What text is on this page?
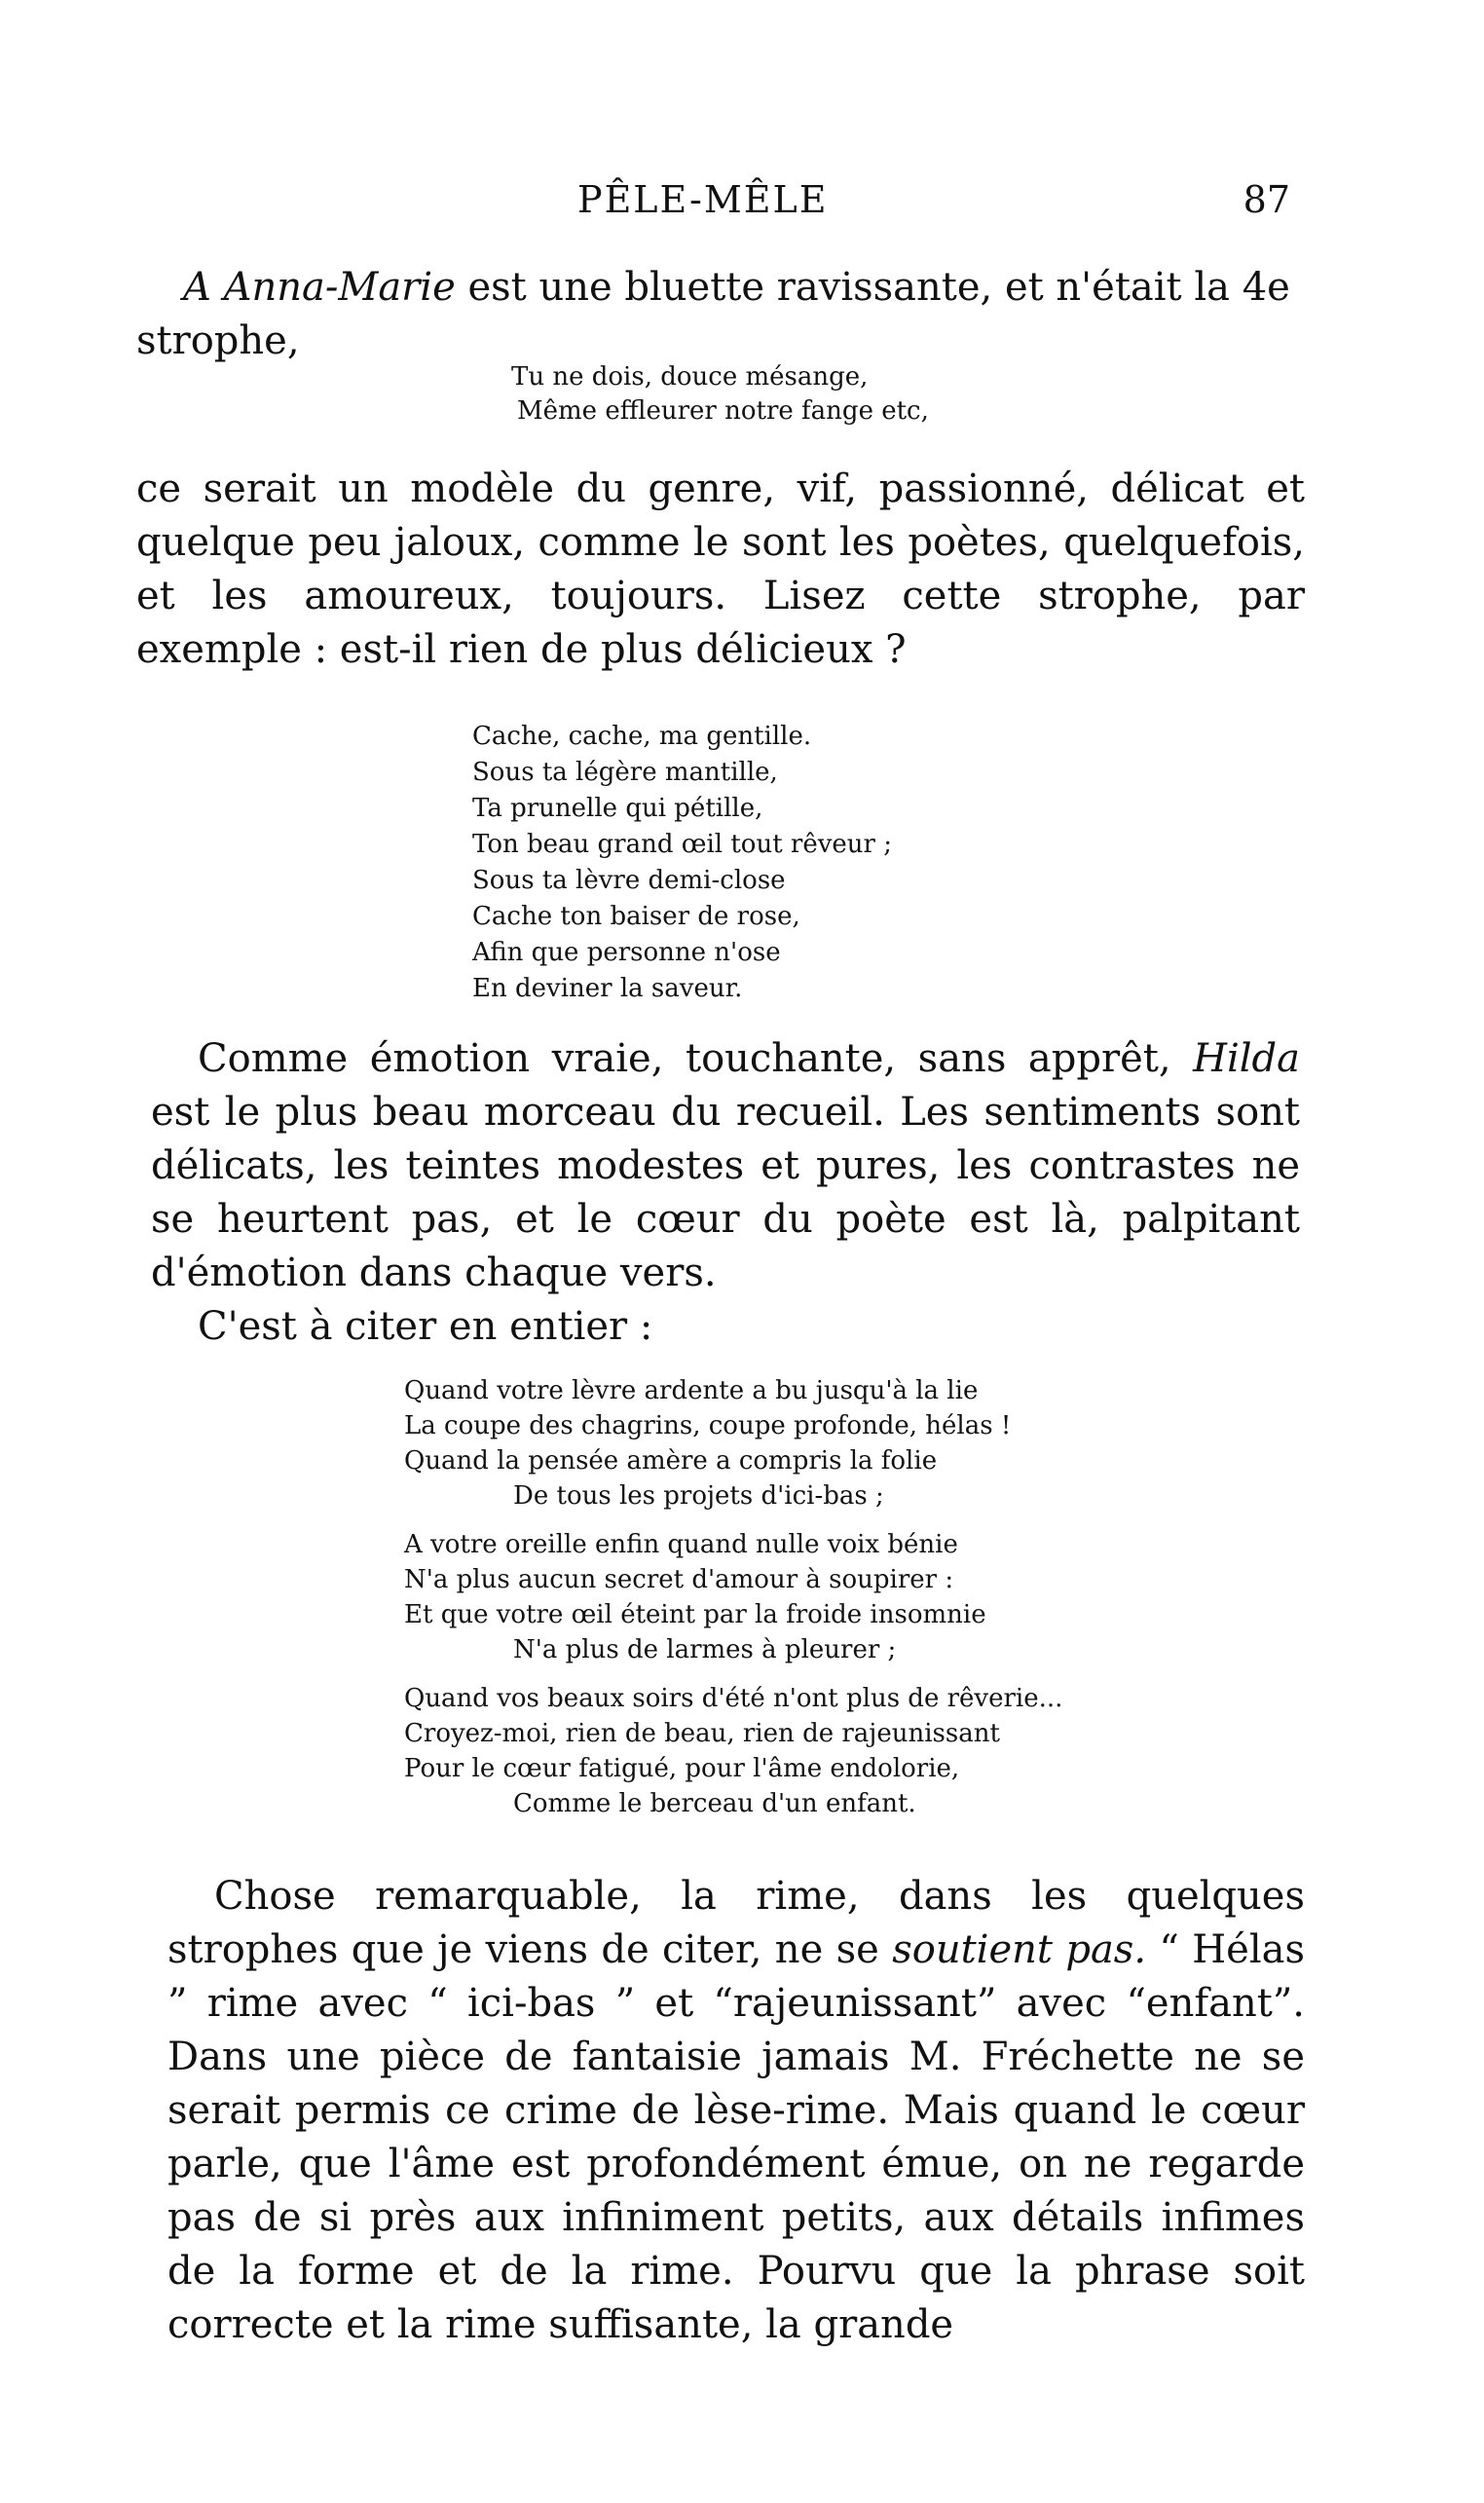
PÊLE-MÊLE	87

A Anna-Marie est une bluette ravissante, et n'était la 4e

strophe,

Tu ne dois, douce mésange,
Même effleurer notre fange etc,

ce serait un modèle du genre, vif, passionné, délicat et quelque peu jaloux, comme le sont les poètes, quelquefois, et les amoureux, toujours. Lisez cette strophe, par exemple : est-il rien de plus délicieux ?

Cache, cache, ma gentille.
Sous ta légère mantille,
Ta prunelle qui pétille,
Ton beau grand œil tout rêveur ;
Sous ta lèvre demi-close
Cache ton baiser de rose,
Afin que personne n'ose
En deviner la saveur.

Comme émotion vraie, touchante, sans apprêt, Hilda est le plus beau morceau du recueil. Les sentiments sont délicats, les teintes modestes et pures, les contrastes ne se heurtent pas, et le cœur du poète est là, palpitant d'émotion dans chaque vers.

C'est à citer en entier :

Quand votre lèvre ardente a bu jusqu'à la lie
La coupe des chagrins, coupe profonde, hélas !
Quand la pensée amère a compris la folie
De tous les projets d'ici-bas ;
A votre oreille enfin quand nulle voix bénie
N'a plus aucun secret d'amour à soupirer :
Et que votre œil éteint par la froide insomnie
N'a plus de larmes à pleurer ;
Quand vos beaux soirs d'été n'ont plus de rêverie...
Croyez-moi, rien de beau, rien de rajeunissant
Pour le cœur fatigué, pour l'âme endolorie,
Comme le berceau d'un enfant.

Chose remarquable, la rime, dans les quelques strophes que je viens de citer, ne se soutient pas. “ Hélas ” rime avec “ ici-bas ” et “rajeunissant” avec “enfant”. Dans une pièce de fantaisie jamais M. Fréchette ne se serait permis ce crime de lèse-rime. Mais quand le cœur parle, que l'âme est profondément émue, on ne regarde pas de si près aux infiniment petits, aux détails infimes de la forme et de la rime. Pourvu que la phrase soit correcte et la rime suffisante, la grande
